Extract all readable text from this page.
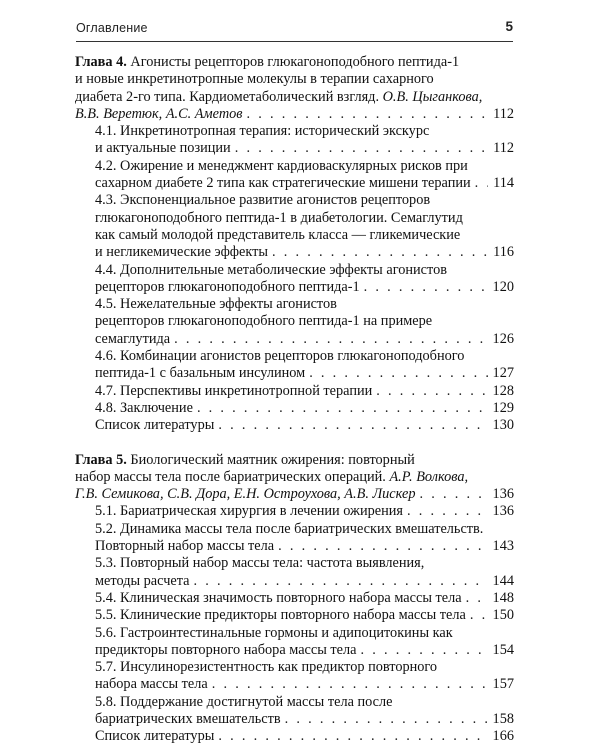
Оглавление	5
Глава 4. Агонисты рецепторов глюкагоноподобного пептида-1
и новые инкретинотропные молекулы в терапии сахарного
диабета 2-го типа. Кардиометаболический взгляд. О.В. Цыганкова,
В.В. Веретюк, А.С. Аметов . . .	112
4.1. Инкретинотропная терапия: исторический экскурс
и актуальные позиции . . .	112
4.2. Ожирение и менеджмент кардиоваскулярных рисков при
сахарном диабете 2 типа как стратегические мишени терапии . . . 114
4.3. Экспоненциальное развитие агонистов рецепторов
глюкагоноподобного пептида-1 в диабетологии. Семаглутид
как самый молодой представитель класса — гликемические
и негликемические эффекты . . .	116
4.4. Дополнительные метаболические эффекты агонистов
рецепторов глюкагоноподобного пептида-1 . . .	120
4.5. Нежелательные эффекты агонистов
рецепторов глюкагоноподобного пептида-1 на примере
семаглутида . . .	126
4.6. Комбинации агонистов рецепторов глюкагоноподобного
пептида-1 с базальным инсулином . . .	127
4.7. Перспективы инкретинотропной терапии . . .	128
4.8. Заключение . . .	129
Список литературы . . .	130
Глава 5. Биологический маятник ожирения: повторный
набор массы тела после бариатрических операций. А.Р. Волкова,
Г.В. Семикова, С.В. Дора, Е.Н. Остроухова, А.В. Лискер . . .	136
5.1. Бариатрическая хирургия в лечении ожирения . . .	136
5.2. Динамика массы тела после бариатрических вмешательств.
Повторный набор массы тела . . .	143
5.3. Повторный набор массы тела: частота выявления,
методы расчета . . .	144
5.4. Клиническая значимость повторного набора массы тела . . . 148
5.5. Клинические предикторы повторного набора массы тела . . . 150
5.6. Гастроинтестинальные гормоны и адипоцитокины как
предикторы повторного набора массы тела . . .	154
5.7. Инсулинорезистентность как предиктор повторного
набора массы тела . . .	157
5.8. Поддержание достигнутой массы тела после
бариатрических вмешательств . . .	158
Список литературы . . .	166
